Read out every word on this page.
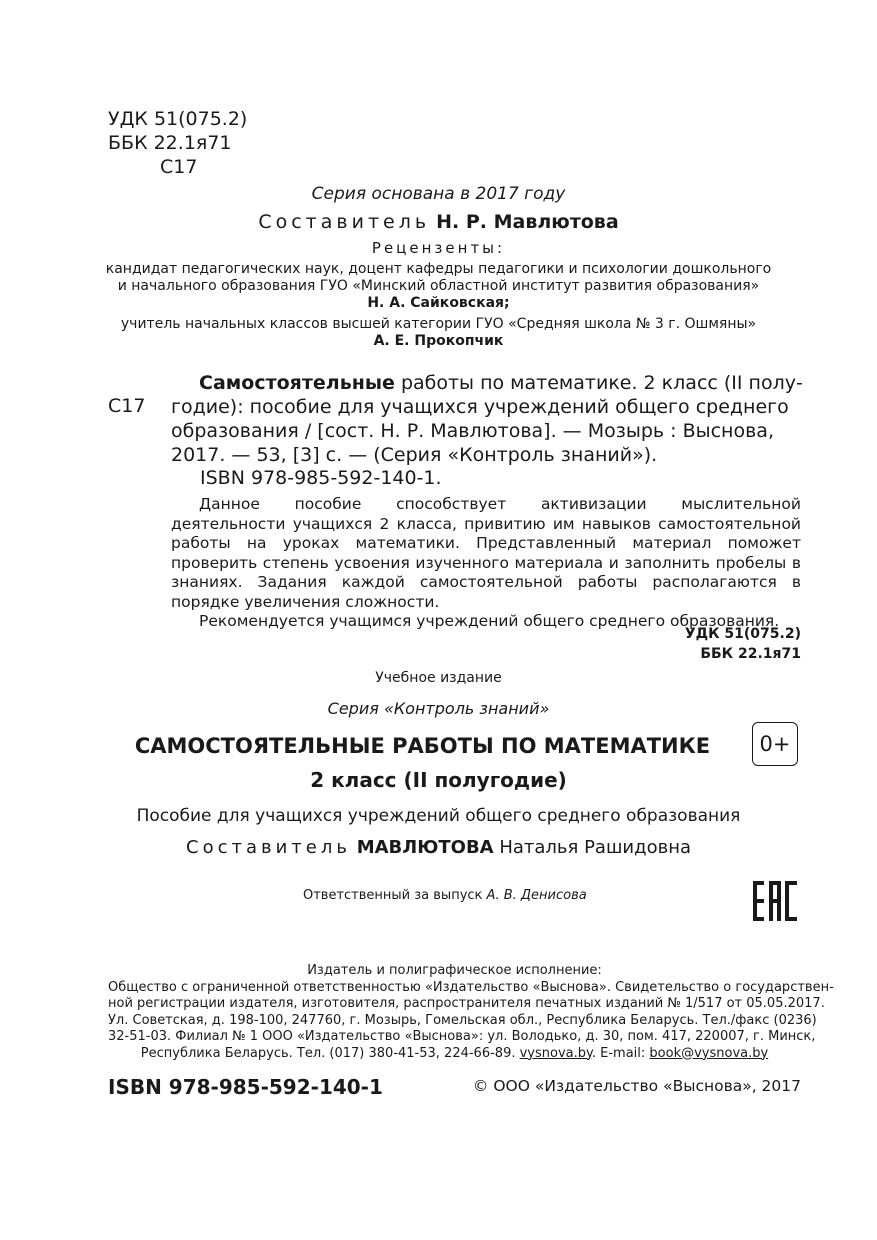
УДК 51(075.2)
ББК 22.1я71
С17
Серия основана в 2017 году
Составитель Н. Р. Мавлютова
Рецензенты:
кандидат педагогических наук, доцент кафедры педагогики и психологии дошкольного
и начального образования ГУО «Минский областной институт развития образования»
Н. А. Сайковская;
учитель начальных классов высшей категории ГУО «Средняя школа № 3 г. Ошмяны»
А. Е. Прокопчик
С17
Самостоятельные работы по математике. 2 класс (II полу-
годие): пособие для учащихся учреждений общего среднего
образования / [сост. Н. Р. Мавлютова]. — Мозырь : Выснова,
2017. — 53, [3] с. — (Серия «Контроль знаний»).
ISBN 978-985-592-140-1.

Данное пособие способствует активизации мыслительной деятельности учащихся 2 класса, привитию им навыков самостоятельной работы на уроках математики. Представленный материал поможет проверить степень усвоения изученного материала и заполнить пробелы в знаниях. Задания каждой самостоятельной работы располагаются в порядке увеличения сложности.

Рекомендуется учащимся учреждений общего среднего образования.

УДК 51(075.2)
ББК 22.1я71
Учебное издание
Серия «Контроль знаний»
САМОСТОЯТЕЛЬНЫЕ РАБОТЫ ПО МАТЕМАТИКЕ	0+
2 класс (II полугодие)
Пособие для учащихся учреждений общего среднего образования
Составитель МАВЛЮТОВА Наталья Рашидовна
Ответственный за выпуск А. В. Денисова
Издатель и полиграфическое исполнение:
Общество с ограниченной ответственностью «Издательство «Выснова». Свидетельство о государствен-
ной регистрации издателя, изготовителя, распространителя печатных изданий № 1/517 от 05.05.2017.
Ул. Советская, д. 198-100, 247760, г. Мозырь, Гомельская обл., Республика Беларусь. Тел./факс (0236)
32-51-03. Филиал № 1 ООО «Издательство «Выснова»: ул. Володько, д. 30, пом. 417, 220007, г. Минск,
Республика Беларусь. Тел. (017) 380-41-53, 224-66-89. vysnova.by. E-mail: book@vysnova.by
ISBN 978-985-592-140-1	© ООО «Издательство «Выснова», 2017
